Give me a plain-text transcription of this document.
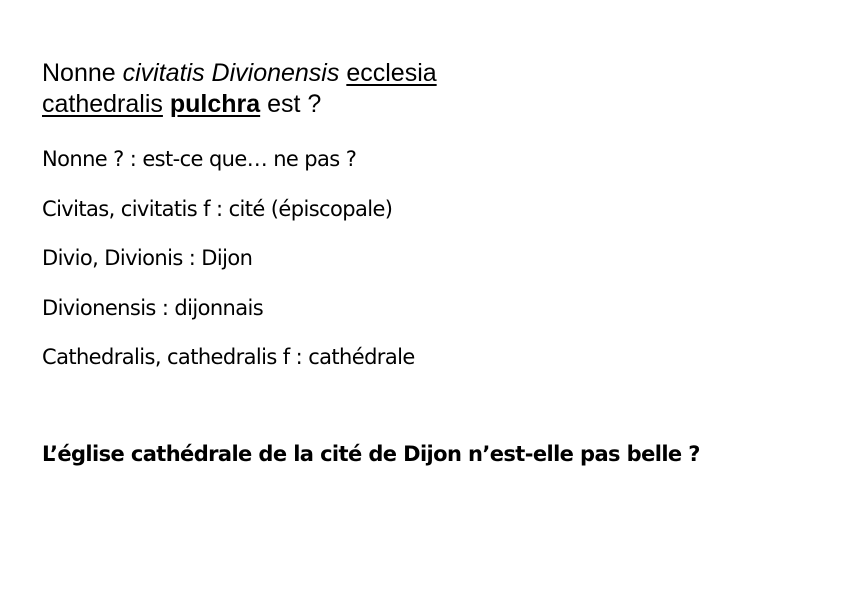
Nonne civitatis Divionensis ecclesia
cathedralis pulchra est ?
Nonne ? : est-ce que… ne pas ?
Civitas, civitatis f : cité (épiscopale)
Divio, Divionis : Dijon
Divionensis : dijonnais
Cathedralis, cathedralis f : cathédrale
L’église cathédrale de la cité de Dijon n’est-elle pas belle ?
